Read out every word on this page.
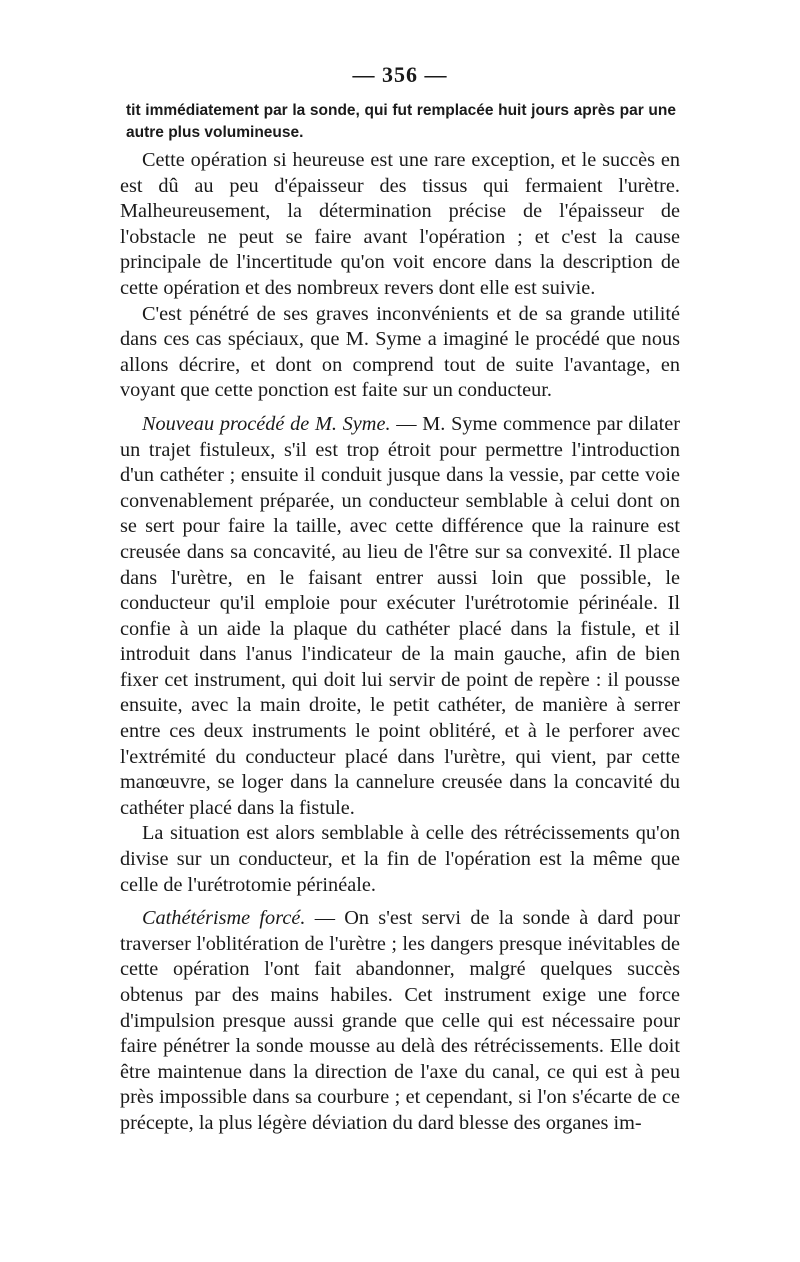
— 356 —
tit immédiatement par la sonde, qui fut remplacée huit jours après par une autre plus volumineuse.

Cette opération si heureuse est une rare exception, et le succès en est dû au peu d'épaisseur des tissus qui fermaient l'urètre. Malheureusement, la détermination précise de l'épaisseur de l'obstacle ne peut se faire avant l'opération ; et c'est la cause principale de l'incertitude qu'on voit encore dans la description de cette opération et des nombreux revers dont elle est suivie.

C'est pénétré de ses graves inconvénients et de sa grande utilité dans ces cas spéciaux, que M. Syme a imaginé le procédé que nous allons décrire, et dont on comprend tout de suite l'avantage, en voyant que cette ponction est faite sur un conducteur.

Nouveau procédé de M. Syme. — M. Syme commence par dilater un trajet fistuleux, s'il est trop étroit pour permettre l'introduction d'un cathéter ; ensuite il conduit jusque dans la vessie, par cette voie convenablement préparée, un conducteur semblable à celui dont on se sert pour faire la taille, avec cette différence que la rainure est creusée dans sa concavité, au lieu de l'être sur sa convexité. Il place dans l'urètre, en le faisant entrer aussi loin que possible, le conducteur qu'il emploie pour exécuter l'urétrotomie périnéale. Il confie à un aide la plaque du cathéter placé dans la fistule, et il introduit dans l'anus l'indicateur de la main gauche, afin de bien fixer cet instrument, qui doit lui servir de point de repère : il pousse ensuite, avec la main droite, le petit cathéter, de manière à serrer entre ces deux instruments le point oblitéré, et à le perforer avec l'extrémité du conducteur placé dans l'urètre, qui vient, par cette manœuvre, se loger dans la cannelure creusée dans la concavité du cathéter placé dans la fistule.

La situation est alors semblable à celle des rétrécissements qu'on divise sur un conducteur, et la fin de l'opération est la même que celle de l'urétrotomie périnéale.

Cathétérisme forcé. — On s'est servi de la sonde à dard pour traverser l'oblitération de l'urètre ; les dangers presque inévitables de cette opération l'ont fait abandonner, malgré quelques succès obtenus par des mains habiles. Cet instrument exige une force d'impulsion presque aussi grande que celle qui est nécessaire pour faire pénétrer la sonde mousse au delà des rétrécissements. Elle doit être maintenue dans la direction de l'axe du canal, ce qui est à peu près impossible dans sa courbure ; et cependant, si l'on s'écarte de ce précepte, la plus légère déviation du dard blesse des organes im-
